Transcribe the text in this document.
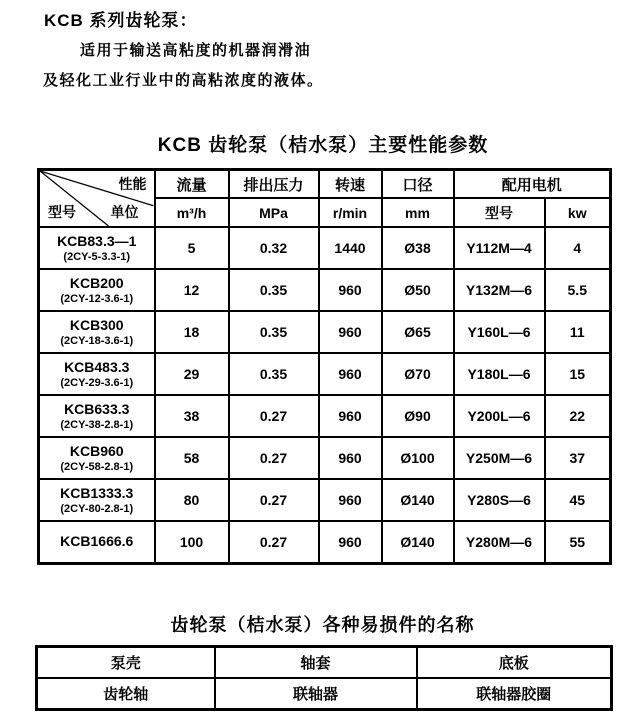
KCB 系列齿轮泵：
适用于输送高粘度的机器润滑油
及轻化工业行业中的高粘浓度的液体。
KCB 齿轮泵（桔水泵）主要性能参数
性能
单位
型号	流量	排出压力	转速	口径	配用电机	
	m³/h	MPa	r/min	mm	型号	kw

KCB83.3—1
(2CY-5-3.3-1)	5	0.32	1440	Ø38	Y112M—4	4

KCB200
(2CY-12-3.6-1)	12	0.35	960	Ø50	Y132M—6	5.5

KCB300
(2CY-18-3.6-1)	18	0.35	960	Ø65	Y160L—6	11

KCB483.3
(2CY-29-3.6-1)	29	0.35	960	Ø70	Y180L—6	15

KCB633.3
(2CY-38-2.8-1)	38	0.27	960	Ø90	Y200L—6	22

KCB960
(2CY-58-2.8-1)	58	0.27	960	Ø100	Y250M—6	37

KCB1333.3
(2CY-80-2.8-1)	80	0.27	960	Ø140	Y280S—6	45

KCB1666.6	100	0.27	960	Ø140	Y280M—6	55
齿轮泵（桔水泵）各种易损件的名称
泵壳	轴套	底板
齿轮轴	联轴器	联轴器胶圈
